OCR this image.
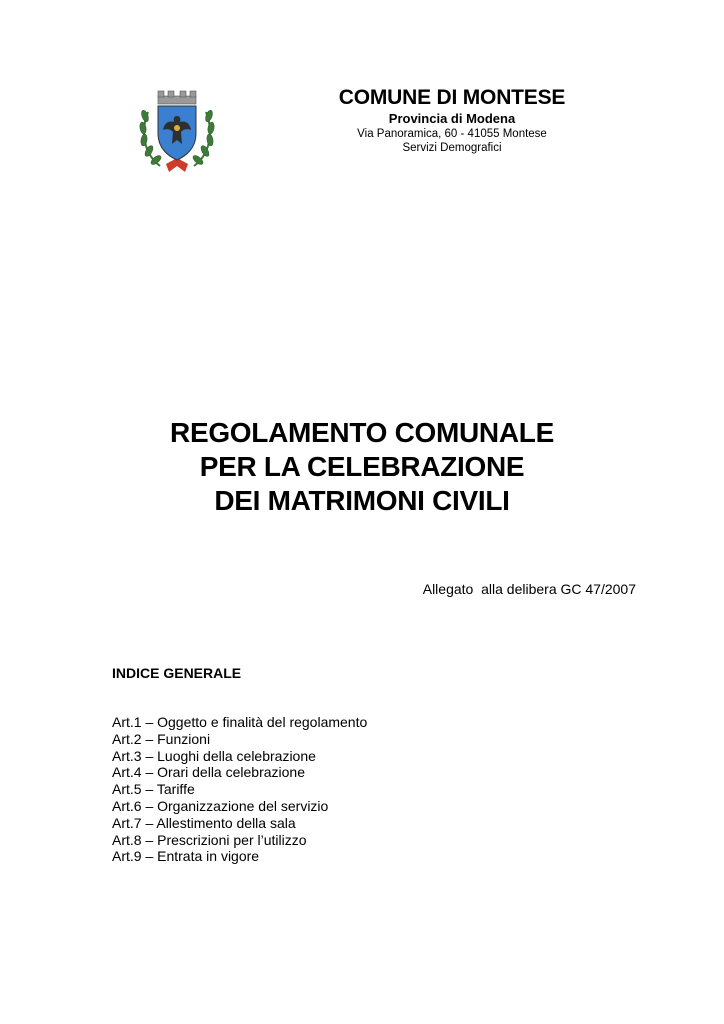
COMUNE DI MONTESE
Provincia di Modena
Via Panoramica, 60 - 41055 Montese
Servizi Demografici
REGOLAMENTO COMUNALE
PER LA CELEBRAZIONE
DEI MATRIMONI CIVILI
Allegato  alla delibera GC 47/2007
INDICE GENERALE
Art.1 – Oggetto e finalità del regolamento
Art.2 – Funzioni
Art.3 – Luoghi della celebrazione
Art.4 – Orari della celebrazione
Art.5 – Tariffe
Art.6 – Organizzazione del servizio
Art.7 – Allestimento della sala
Art.8 – Prescrizioni per l’utilizzo
Art.9 – Entrata in vigore
